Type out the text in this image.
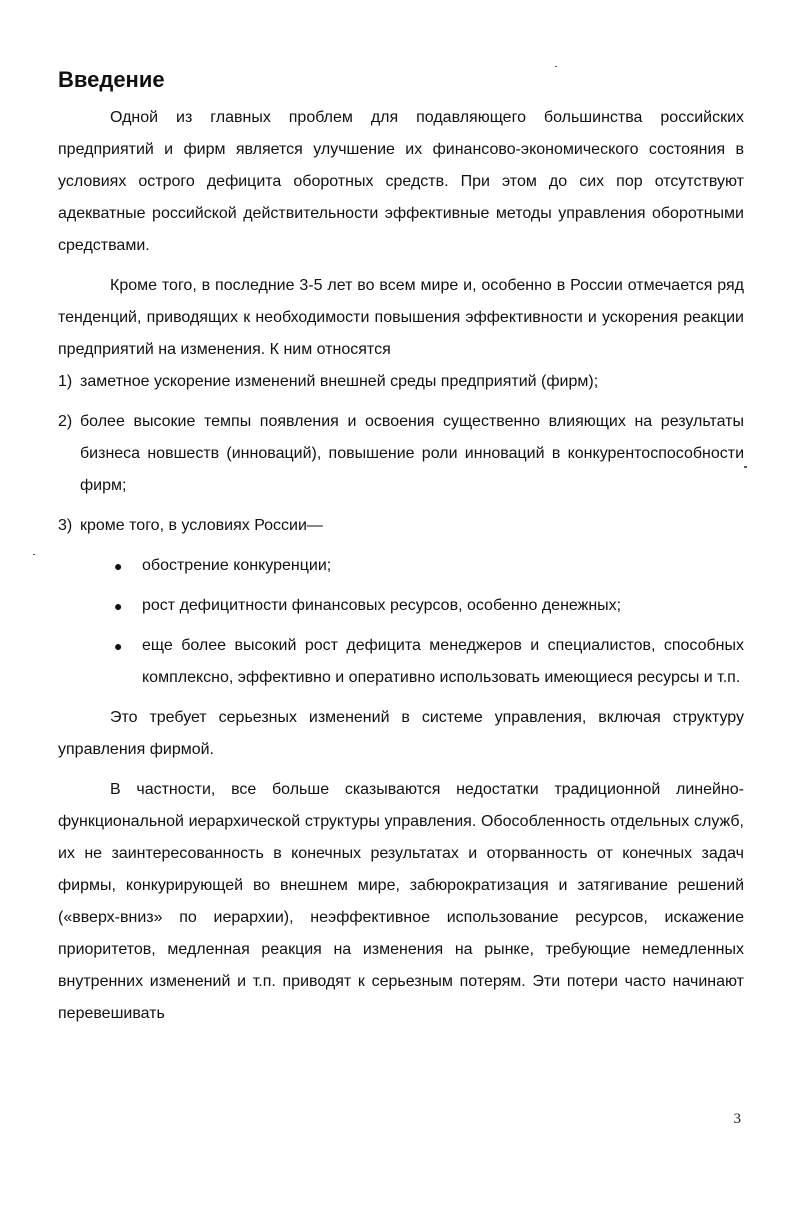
Введение

Одной из главных проблем для подавляющего большинства российских предприятий и фирм является улучшение их финансово-экономического состояния в условиях острого дефицита оборотных средств. При этом до сих пор отсутствуют адекватные российской действительности эффективные методы управления оборотными средствами.

Кроме того, в последние 3-5 лет во всем мире и, особенно в России отмечается ряд тенденций, приводящих к необходимости повышения эффективности и ускорения реакции предприятий на изменения. К ним относятся

1) заметное ускорение изменений внешней среды предприятий (фирм);
2) более высокие темпы появления и освоения существенно влияющих на результаты бизнеса новшеств (инноваций), повышение роли инноваций в конкурентоспособности фирм;
3) кроме того, в условиях России—
● обострение конкуренции;
● рост дефицитности финансовых ресурсов, особенно денежных;
● еще более высокий рост дефицита менеджеров и специалистов, способных комплексно, эффективно и оперативно использовать имеющиеся ресурсы и т.п.

Это требует серьезных изменений в системе управления, включая структуру управления фирмой.

В частности, все больше сказываются недостатки традиционной линейно-функциональной иерархической структуры управления. Обособленность отдельных служб, их не заинтересованность в конечных результатах и оторванность от конечных задач фирмы, конкурирующей во внешнем мире, забюрократизация и затягивание решений («вверх-вниз» по иерархии), неэффективное использование ресурсов, искажение приоритетов, медленная реакция на изменения на рынке, требующие немедленных внутренних изменений и т.п. приводят к серьезным потерям. Эти потери часто начинают перевешивать

3
